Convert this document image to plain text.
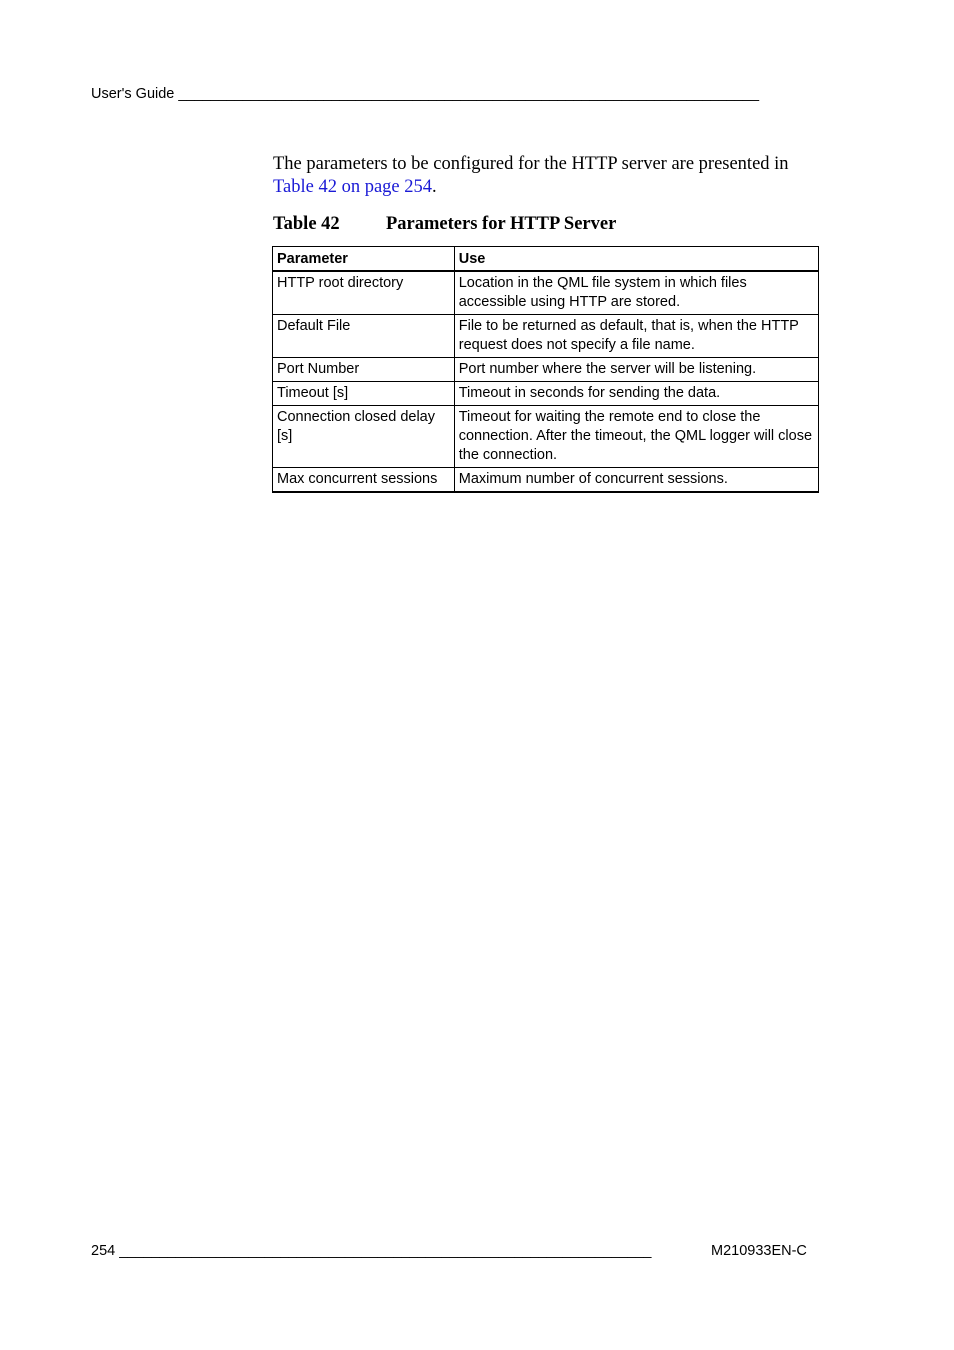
User's Guide ________________________________________________________________________
The parameters to be configured for the HTTP server are presented in Table 42 on page 254.
Table 42	Parameters for HTTP Server
Parameter	Use
HTTP root directory	Location in the QML file system in which files accessible using HTTP are stored.
Default File	File to be returned as default, that is, when the HTTP request does not specify a file name.
Port Number	Port number where the server will be listening.
Timeout [s]	Timeout in seconds for sending the data.
Connection closed delay [s]	Timeout for waiting the remote end to close the connection. After the timeout, the QML logger will close the connection.
Max concurrent sessions	Maximum number of concurrent sessions.
254 __________________________________________________________________	M210933EN-C
